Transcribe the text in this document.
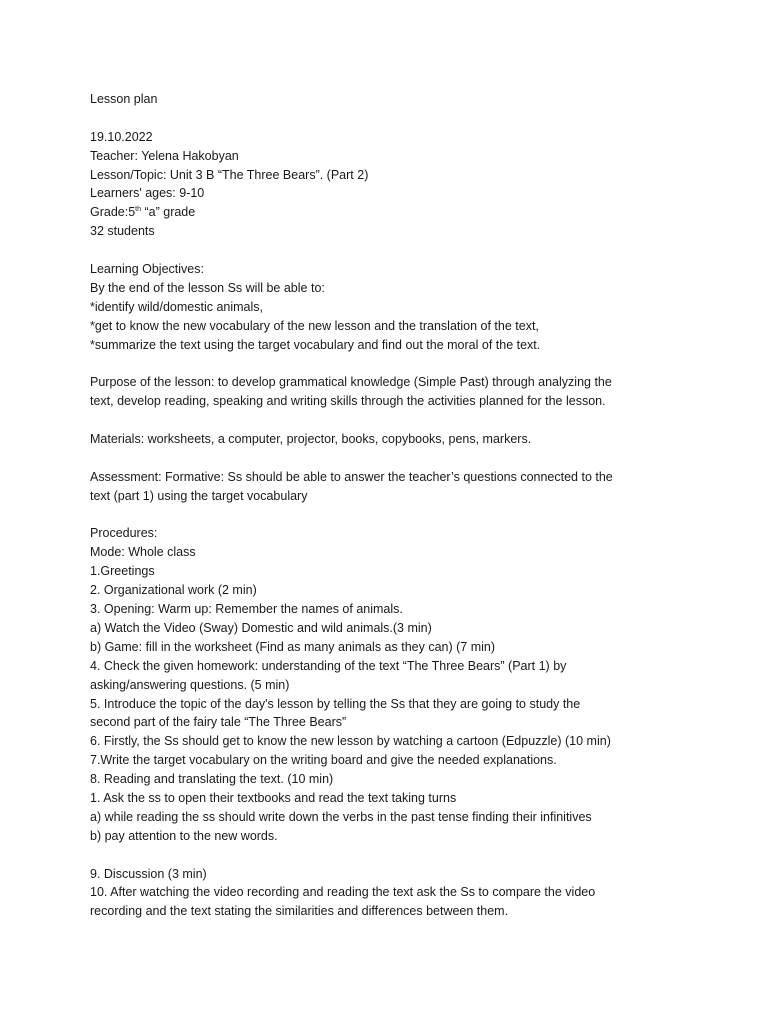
Lesson plan
19.10.2022
Teacher: Yelena Hakobyan
Lesson/Topic: Unit 3 B “The Three Bears”. (Part 2)
Learners' ages: 9-10
Grade:5th “a” grade
32 students
Learning Objectives:
By the end of the lesson Ss will be able to:
*identify wild/domestic animals,
*get to know the new vocabulary of the new lesson and the translation of the text,
*summarize the text using the target vocabulary and find out the moral of the text.
Purpose of the lesson: to develop grammatical knowledge (Simple Past) through analyzing the
text, develop reading, speaking and writing skills through the activities planned for the lesson.
Materials: worksheets, a computer, projector, books, copybooks, pens, markers.
Assessment: Formative: Ss should be able to answer the teacher’s questions connected to the
text (part 1) using the target vocabulary
Procedures:
Mode: Whole class
1.Greetings
2. Organizational work (2 min)
3. Opening: Warm up: Remember the names of animals.
a) Watch the Video (Sway) Domestic and wild animals.(3 min)
b) Game: fill in the worksheet (Find as many animals as they can) (7 min)
4. Check the given homework: understanding of the text “The Three Bears” (Part 1) by
asking/answering questions. (5 min)
5. Introduce the topic of the day's lesson by telling the Ss that they are going to study the
second part of the fairy tale “The Three Bears”
6. Firstly, the Ss should get to know the new lesson by watching a cartoon (Edpuzzle) (10 min)
7.Write the target vocabulary on the writing board and give the needed explanations.
8. Reading and translating the text. (10 min)
1. Ask the ss to open their textbooks and read the text taking turns
a) while reading the ss should write down the verbs in the past tense finding their infinitives
b) pay attention to the new words.
9. Discussion (3 min)
10. After watching the video recording and reading the text ask the Ss to compare the video
recording and the text stating the similarities and differences between them.
